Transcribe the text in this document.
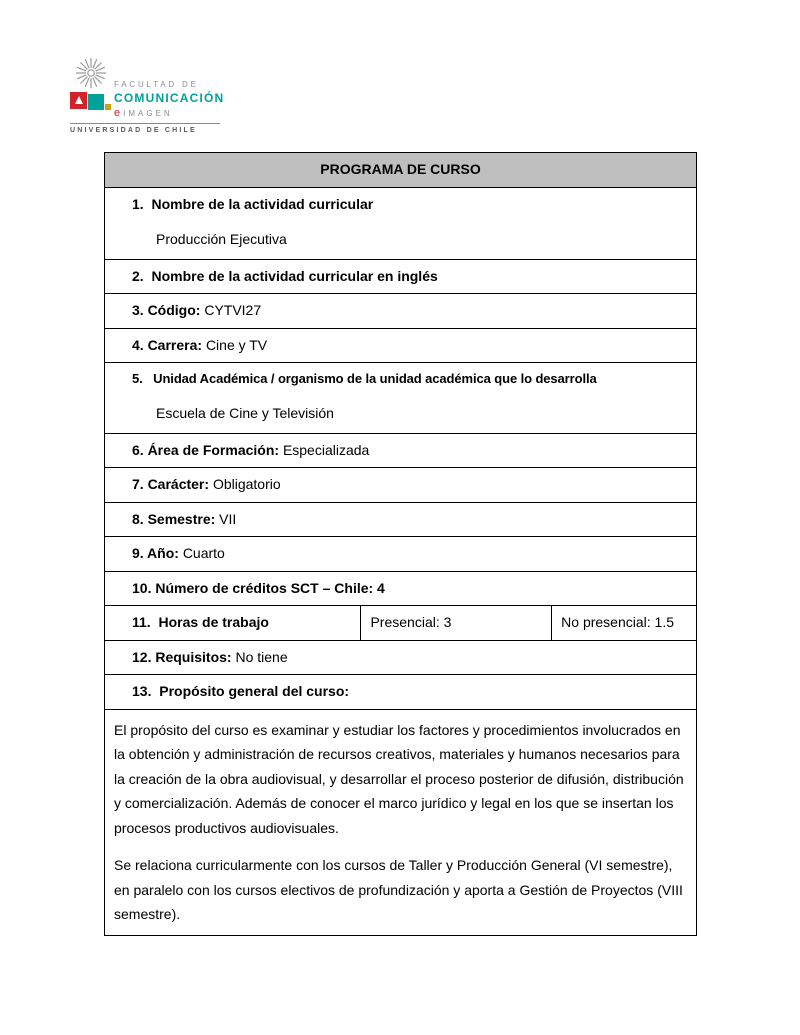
FACULTAD DE
COMUNICACIÓN
e IMAGEN
UNIVERSIDAD DE CHILE
PROGRAMA DE CURSO

1.  Nombre de la actividad curricular
Producción Ejecutiva

2.  Nombre de la actividad curricular en inglés

3. Código: CYTVI27

4. Carrera: Cine y TV

5.   Unidad Académica / organismo de la unidad académica que lo desarrolla
Escuela de Cine y Televisión

6. Área de Formación: Especializada

7. Carácter: Obligatorio

8. Semestre: VII

9. Año: Cuarto

10. Número de créditos SCT – Chile: 4

11.  Horas de trabajo	Presencial: 3	No presencial: 1.5

12. Requisitos: No tiene

13.  Propósito general del curso:

El propósito del curso es examinar y estudiar los factores y procedimientos involucrados en la obtención y administración de recursos creativos, materiales y humanos necesarios para la creación de la obra audiovisual, y desarrollar el proceso posterior de difusión, distribución y comercialización. Además de conocer el marco jurídico y legal en los que se insertan los procesos productivos audiovisuales.

Se relaciona curricularmente con los cursos de Taller y Producción General (VI semestre), en paralelo con los cursos electivos de profundización y aporta a Gestión de Proyectos (VIII semestre).
